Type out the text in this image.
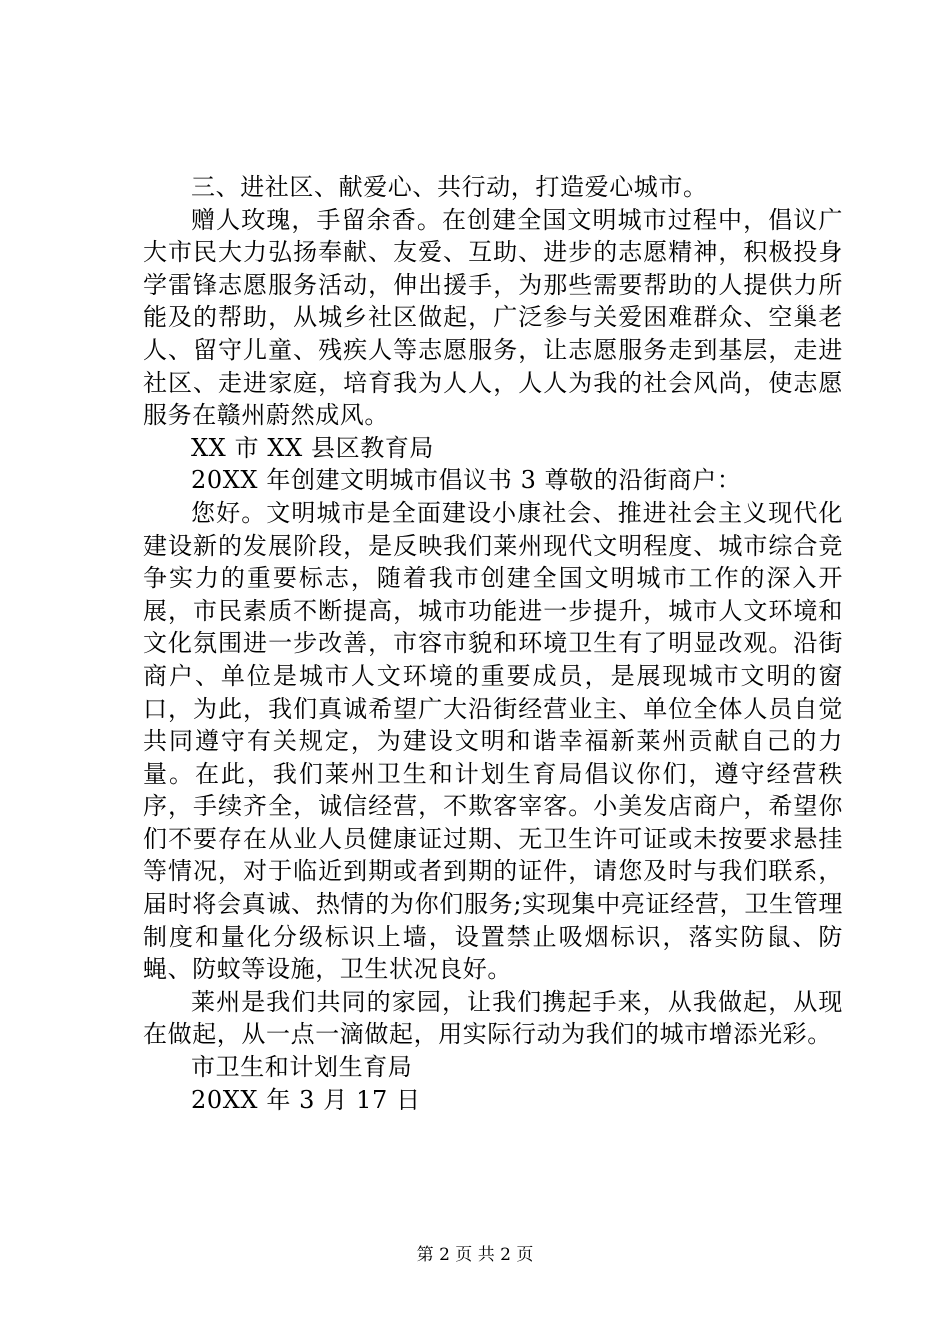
三、进社区、献爱心、共行动，打造爱心城市。

赠人玫瑰，手留余香。在创建全国文明城市过程中，倡议广大市民大力弘扬奉献、友爱、互助、进步的志愿精神，积极投身学雷锋志愿服务活动，伸出援手，为那些需要帮助的人提供力所能及的帮助，从城乡社区做起，广泛参与关爱困难群众、空巢老人、留守儿童、残疾人等志愿服务，让志愿服务走到基层，走进社区、走进家庭，培育我为人人，人人为我的社会风尚，使志愿服务在赣州蔚然成风。

XX 市 XX 县区教育局

20XX 年创建文明城市倡议书 3 尊敬的沿街商户：

您好。文明城市是全面建设小康社会、推进社会主义现代化建设新的发展阶段，是反映我们莱州现代文明程度、城市综合竞争实力的重要标志，随着我市创建全国文明城市工作的深入开展，市民素质不断提高，城市功能进一步提升，城市人文环境和文化氛围进一步改善，市容市貌和环境卫生有了明显改观。沿街商户、单位是城市人文环境的重要成员，是展现城市文明的窗口，为此，我们真诚希望广大沿街经营业主、单位全体人员自觉共同遵守有关规定，为建设文明和谐幸福新莱州贡献自己的力量。在此，我们莱州卫生和计划生育局倡议你们，遵守经营秩序，手续齐全，诚信经营，不欺客宰客。小美发店商户，希望你们不要存在从业人员健康证过期、无卫生许可证或未按要求悬挂等情况，对于临近到期或者到期的证件，请您及时与我们联系，届时将会真诚、热情的为你们服务;实现集中亮证经营，卫生管理制度和量化分级标识上墙，设置禁止吸烟标识，落实防鼠、防蝇、防蚊等设施，卫生状况良好。

莱州是我们共同的家园，让我们携起手来，从我做起，从现在做起，从一点一滴做起，用实际行动为我们的城市增添光彩。

市卫生和计划生育局

20XX 年 3 月 17 日

第 2 页 共 2 页
